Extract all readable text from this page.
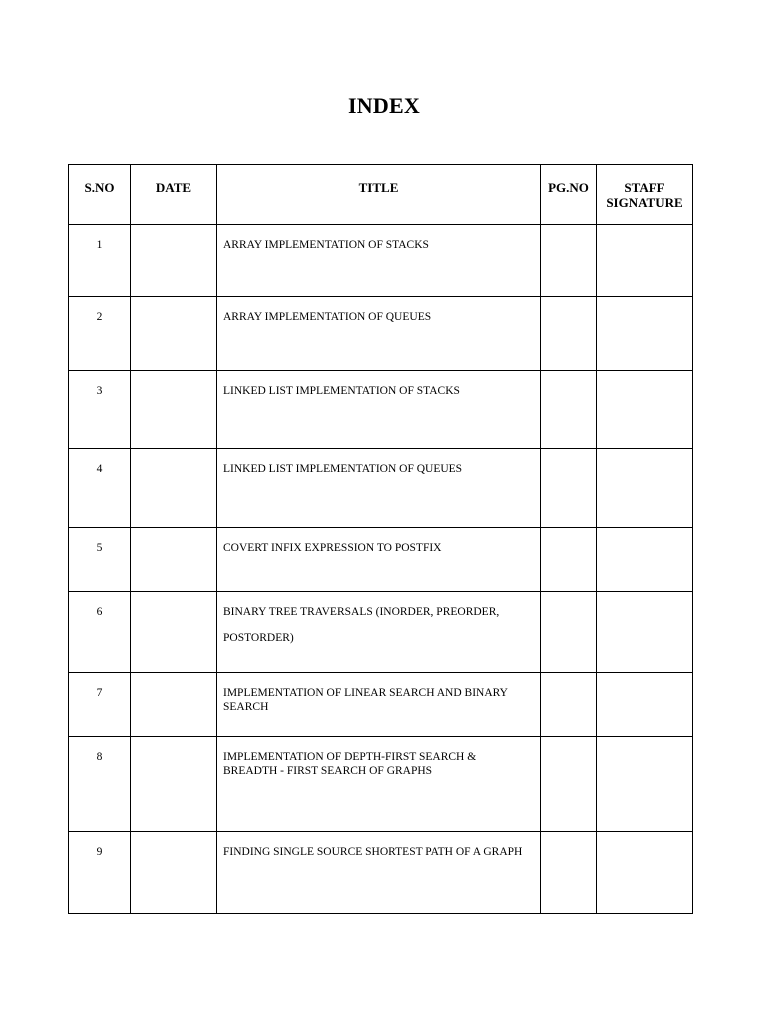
INDEX
S.NO	DATE	TITLE	PG.NO	STAFF
SIGNATURE

1		ARRAY IMPLEMENTATION OF STACKS		

2		ARRAY IMPLEMENTATION OF QUEUES		

3		LINKED LIST IMPLEMENTATION OF STACKS		

4		LINKED LIST IMPLEMENTATION OF QUEUES		

5		COVERT INFIX EXPRESSION TO POSTFIX		

6		BINARY TREE TRAVERSALS (INORDER, PREORDER,
POSTORDER)		

7		IMPLEMENTATION OF LINEAR SEARCH AND BINARY SEARCH		

8		IMPLEMENTATION OF DEPTH-FIRST SEARCH & BREADTH - FIRST SEARCH OF GRAPHS		

9		FINDING SINGLE SOURCE SHORTEST PATH OF A GRAPH		
